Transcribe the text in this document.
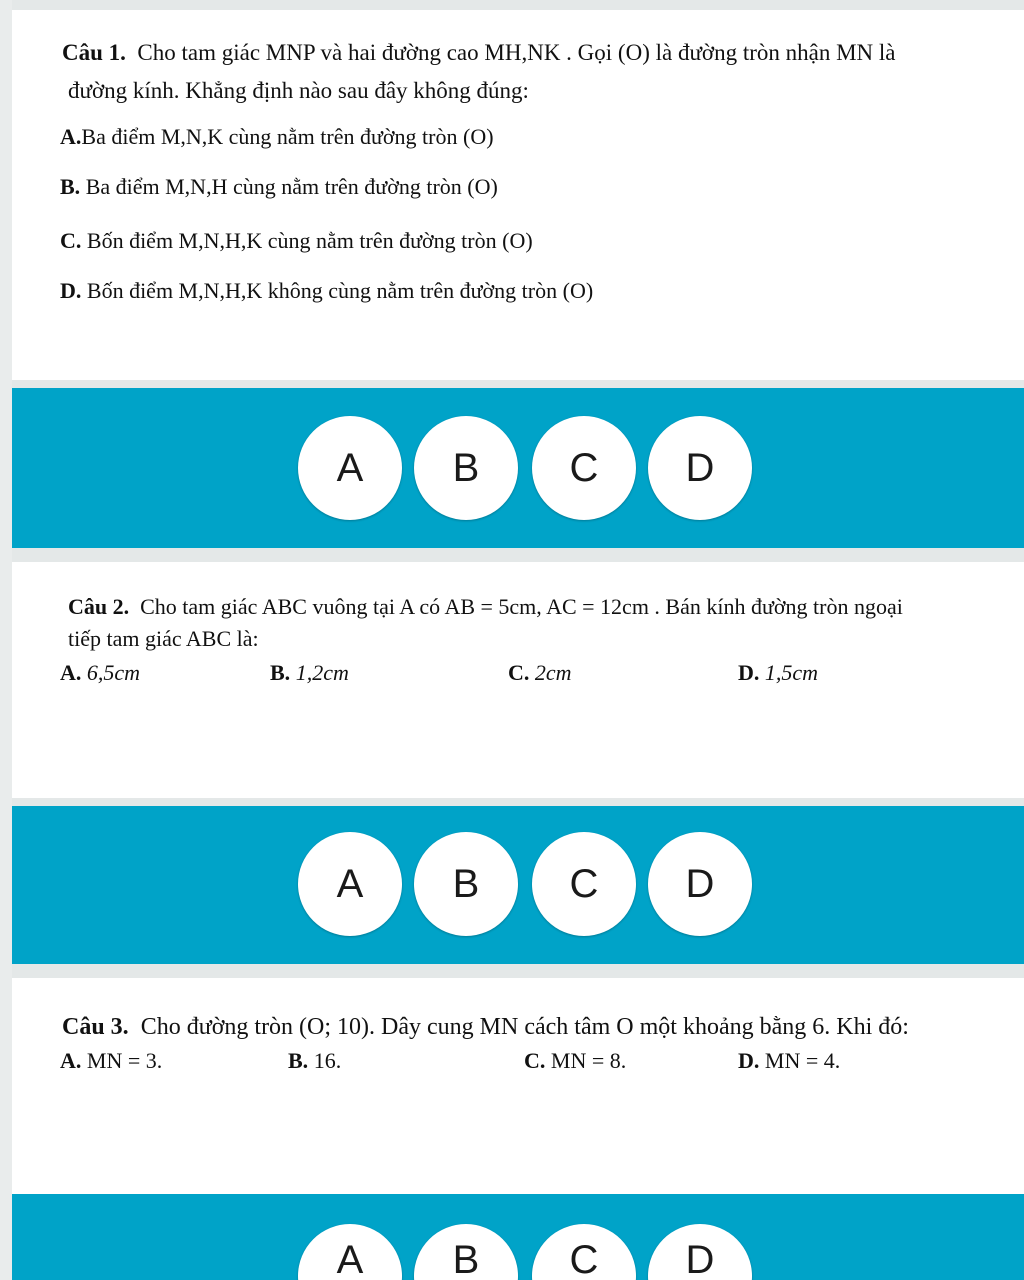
Câu 1. Cho tam giác MNP và hai đường cao MH,NK . Gọi (O) là đường tròn nhận MN là
đường kính. Khẳng định nào sau đây không đúng:
A.Ba điểm M,N,K cùng nằm trên đường tròn (O)
B. Ba điểm M,N,H cùng nằm trên đường tròn (O)
C. Bốn điểm M,N,H,K cùng nằm trên đường tròn (O)
D. Bốn điểm M,N,H,K không cùng nằm trên đường tròn (O)
A	B	C	D
Câu 2. Cho tam giác ABC vuông tại A có AB = 5cm, AC = 12cm . Bán kính đường tròn ngoại
tiếp tam giác ABC là:
A. 6,5cm	B. 1,2cm	C. 2cm	D. 1,5cm
A	B	C	D
Câu 3. Cho đường tròn (O; 10). Dây cung MN cách tâm O một khoảng bằng 6. Khi đó:
A. MN = 3.	B. 16.	C. MN = 8.	D. MN = 4.
A	B	C	D
